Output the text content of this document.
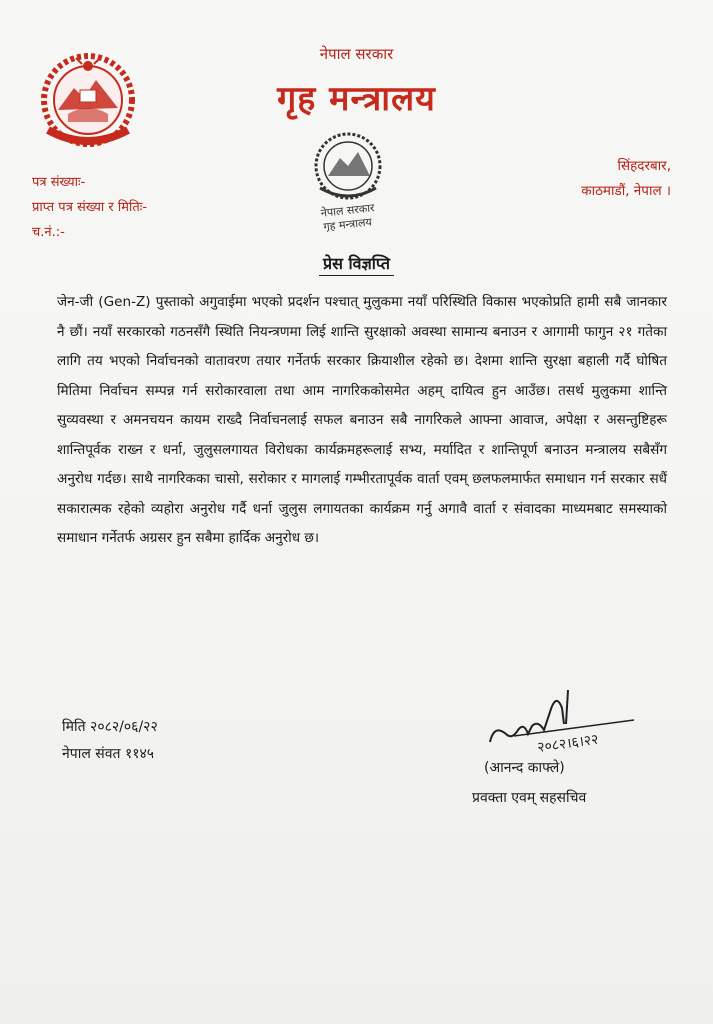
नेपाल सरकार
गृह मन्त्रालय
नेपाल सरकार
गृह मन्त्रालय
पत्र संख्याः-
प्राप्त पत्र संख्या र मितिः-
च.नं.:-
सिंहदरबार,
काठमाडौं, नेपाल ।
प्रेस विज्ञप्ति

जेन-जी (Gen-Z) पुस्ताको अगुवाईमा भएको प्रदर्शन पश्चात् मुलुकमा नयाँ परिस्थिति विकास भएकोप्रति हामी सबै जानकार नै छौं। नयाँ सरकारको गठनसँगै स्थिति नियन्त्रणमा लिई शान्ति सुरक्षाको अवस्था सामान्य बनाउन र आगामी फागुन २१ गतेका लागि तय भएको निर्वाचनको वातावरण तयार गर्नेतर्फ सरकार क्रियाशील रहेको छ। देशमा शान्ति सुरक्षा बहाली गर्दै घोषित मितिमा निर्वाचन सम्पन्न गर्न सरोकारवाला तथा आम नागरिककोसमेत अहम् दायित्व हुन आउँछ। तसर्थ मुलुकमा शान्ति सुव्यवस्था र अमनचयन कायम राख्दै निर्वाचनलाई सफल बनाउन सबै नागरिकले आफ्ना आवाज, अपेक्षा र असन्तुष्टिहरू शान्तिपूर्वक राख्न र धर्ना, जुलुसलगायत विरोधका कार्यक्रमहरूलाई सभ्य, मर्यादित र शान्तिपूर्ण बनाउन मन्त्रालय सबैसँग अनुरोध गर्दछ। साथै नागरिकका चासो, सरोकार र मागलाई गम्भीरतापूर्वक वार्ता एवम् छलफलमार्फत समाधान गर्न सरकार सधैं सकारात्मक रहेको व्यहोरा अनुरोध गर्दै धर्ना जुलुस लगायतका कार्यक्रम गर्नु अगावै वार्ता र संवादका माध्यमबाट समस्याको समाधान गर्नेतर्फ अग्रसर हुन सबैमा हार्दिक अनुरोध छ।

मिति २०८२/०६/२२
नेपाल संवत ११४५	२०८२।६।२२
(आनन्द काफ्ले)
प्रवक्ता एवम् सहसचिव
